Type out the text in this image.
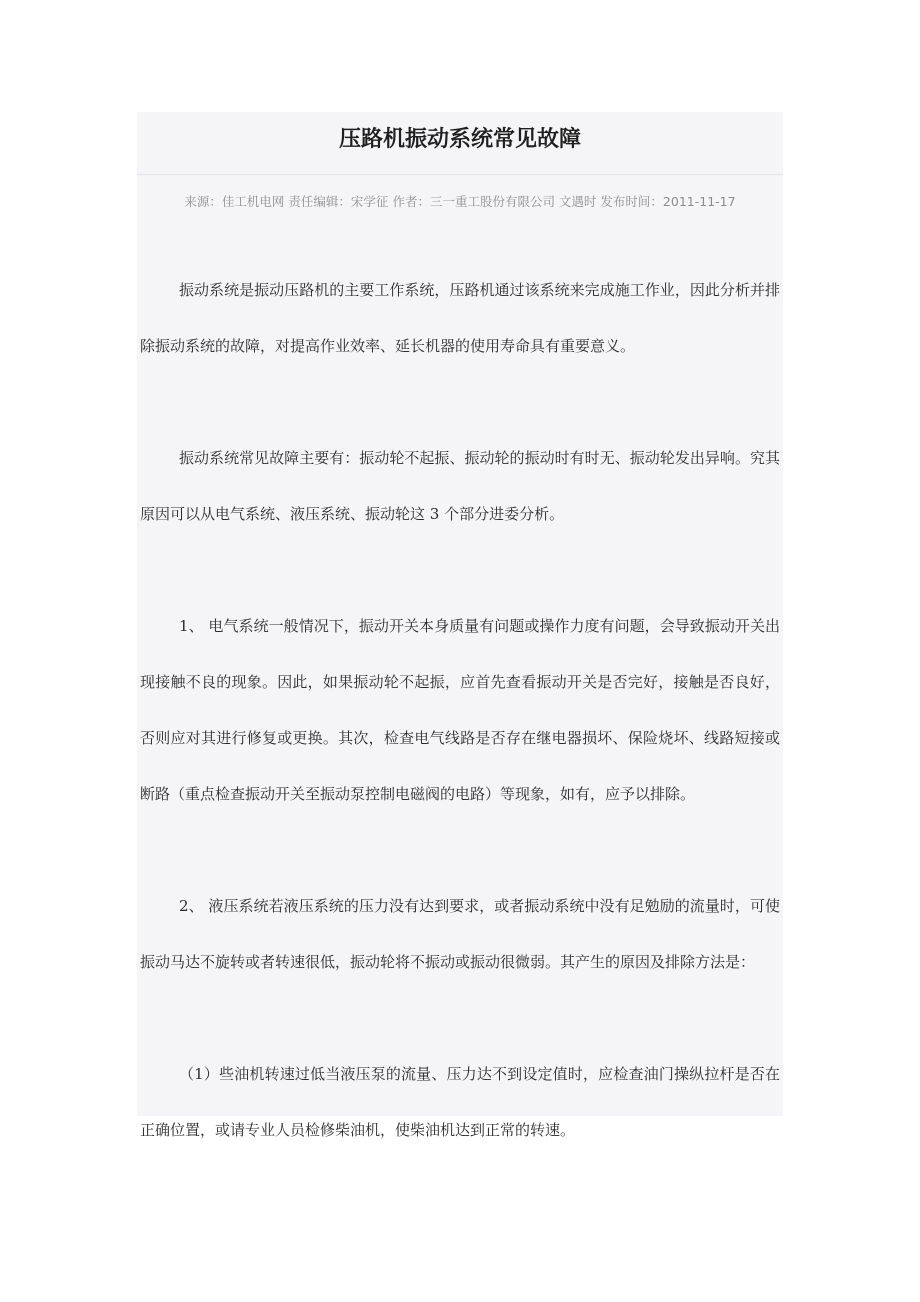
压路机振动系统常见故障
来源：佳工机电网 责任编辑：宋学征 作者：三一重工股份有限公司 文遇时 发布时间：2011-11-17

振动系统是振动压路机的主要工作系统，压路机通过该系统来完成施工作业，因此分析并排除振动系统的故障，对提高作业效率、延长机器的使用寿命具有重要意义。

振动系统常见故障主要有：振动轮不起振、振动轮的振动时有时无、振动轮发出异响。究其原因可以从电气系统、液压系统、振动轮这 3 个部分进委分析。

1、 电气系统一般情况下，振动开关本身质量有问题或操作力度有问题，会导致振动开关出现接触不良的现象。因此，如果振动轮不起振，应首先查看振动开关是否完好，接触是否良好，否则应对其进行修复或更换。其次，检查电气线路是否存在继电器损坏、保险烧坏、线路短接或断路（重点检查振动开关至振动泵控制电磁阀的电路）等现象，如有，应予以排除。

2、 液压系统若液压系统的压力没有达到要求，或者振动系统中没有足勉励的流量时，可使振动马达不旋转或者转速很低，振动轮将不振动或振动很微弱。其产生的原因及排除方法是：

（1）些油机转速过低当液压泵的流量、压力达不到设定值时，应检查油门操纵拉杆是否在正确位置，或请专业人员检修柴油机，使柴油机达到正常的转速。
